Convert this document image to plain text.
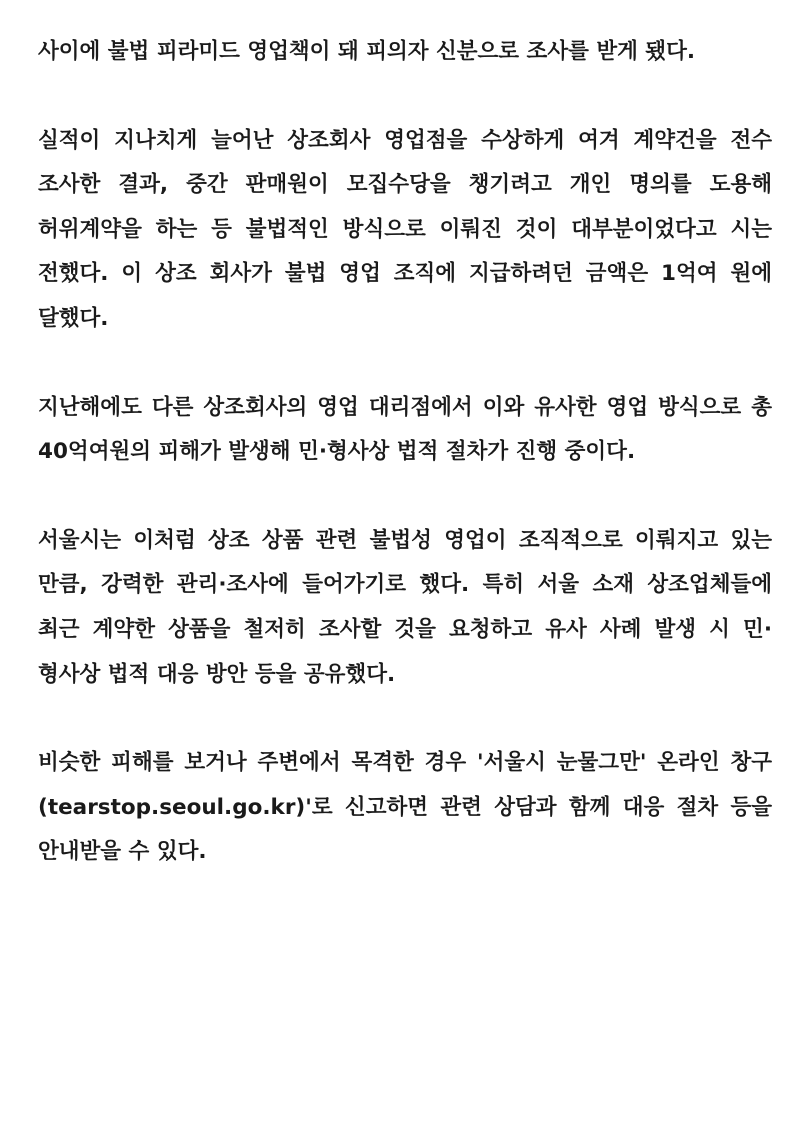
사이에 불법 피라미드 영업책이 돼 피의자 신분으로 조사를 받게 됐다.

실적이 지나치게 늘어난 상조회사 영업점을 수상하게 여겨 계약건을 전수 조사한 결과, 중간 판매원이 모집수당을 챙기려고 개인 명의를 도용해 허위계약을 하는 등 불법적인 방식으로 이뤄진 것이 대부분이었다고 시는 전했다. 이 상조 회사가 불법 영업 조직에 지급하려던 금액은 1억여 원에 달했다.

지난해에도 다른 상조회사의 영업 대리점에서 이와 유사한 영업 방식으로 총 40억여원의 피해가 발생해 민·형사상 법적 절차가 진행 중이다.

서울시는 이처럼 상조 상품 관련 불법성 영업이 조직적으로 이뤄지고 있는 만큼, 강력한 관리·조사에 들어가기로 했다. 특히 서울 소재 상조업체들에 최근 계약한 상품을 철저히 조사할 것을 요청하고 유사 사례 발생 시 민·형사상 법적 대응 방안 등을 공유했다.

비슷한 피해를 보거나 주변에서 목격한 경우 '서울시 눈물그만' 온라인 창구(tearstop.seoul.go.kr)'로 신고하면 관련 상담과 함께 대응 절차 등을 안내받을 수 있다.
